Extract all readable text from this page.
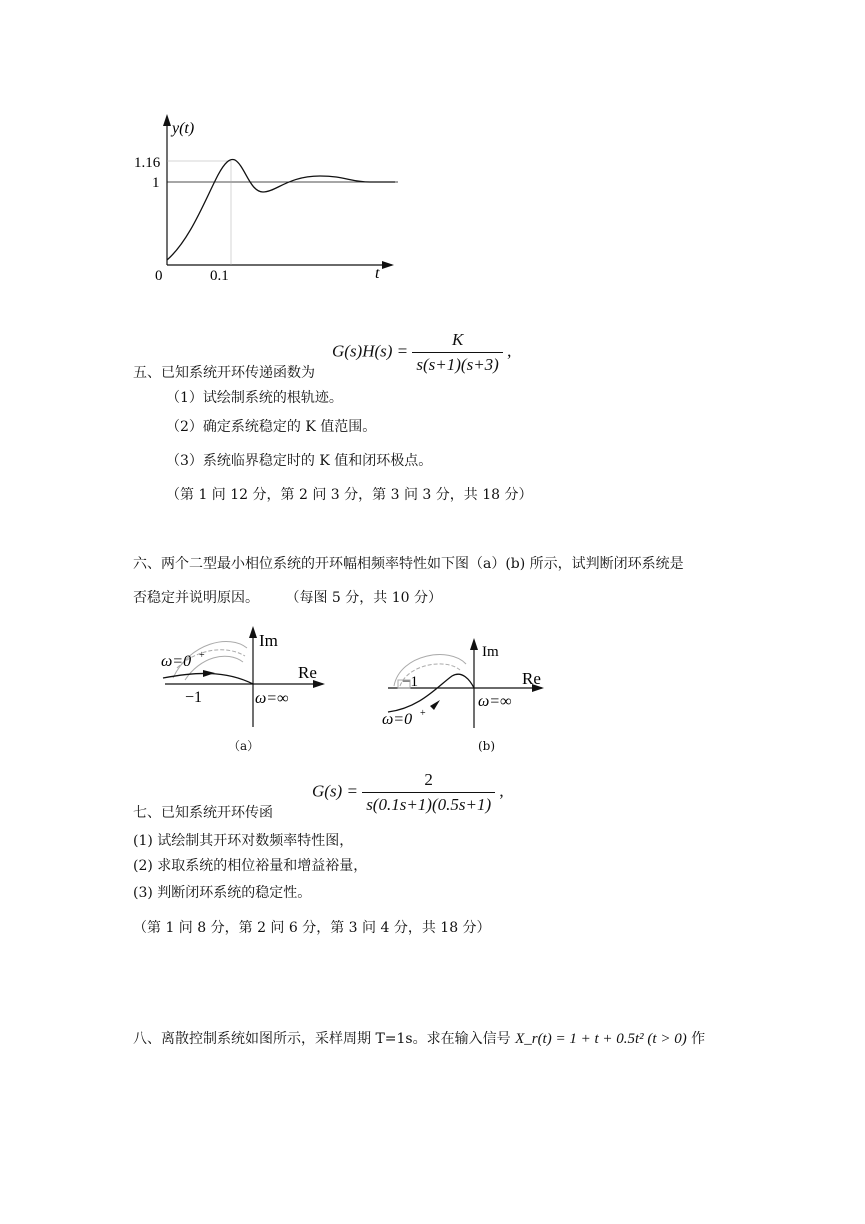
y(t)
t
1.16
1
0	0.1
$G(s)H(s) = \frac{K}{s(s+1)(s+3)}$ ,
五、已知系统开环传递函数为
（1）试绘制系统的根轨迹。
（2）确定系统稳定的 K 值范围。
（3）系统临界稳定时的 K 值和闭环极点。
（第 1 问 12 分，第 2 问 3 分，第 3 问 3 分，共 18 分）
六、两个二型最小相位系统的开环幅相频率特性如下图（a）(b) 所示，试判断闭环系统是
否稳定并说明原因。 （每图 5 分，共 10 分）
Im
Re
ω=0 +
−1	ω=∞
（a）
Im
Re
−1
ω=0 +
ω=∞
(b)
$G(s) = \frac{2}{s(0.1s+1)(0.5s+1)}$ ,
七、已知系统开环传函
(1) 试绘制其开环对数频率特性图，
(2) 求取系统的相位裕量和增益裕量，
(3) 判断闭环系统的稳定性。
（第 1 问 8 分，第 2 问 6 分，第 3 问 4 分，共 18 分）
八、离散控制系统如图所示，采样周期 T=1s。求在输入信号 X_r(t) = 1 + t + 0.5t² (t > 0) 作
